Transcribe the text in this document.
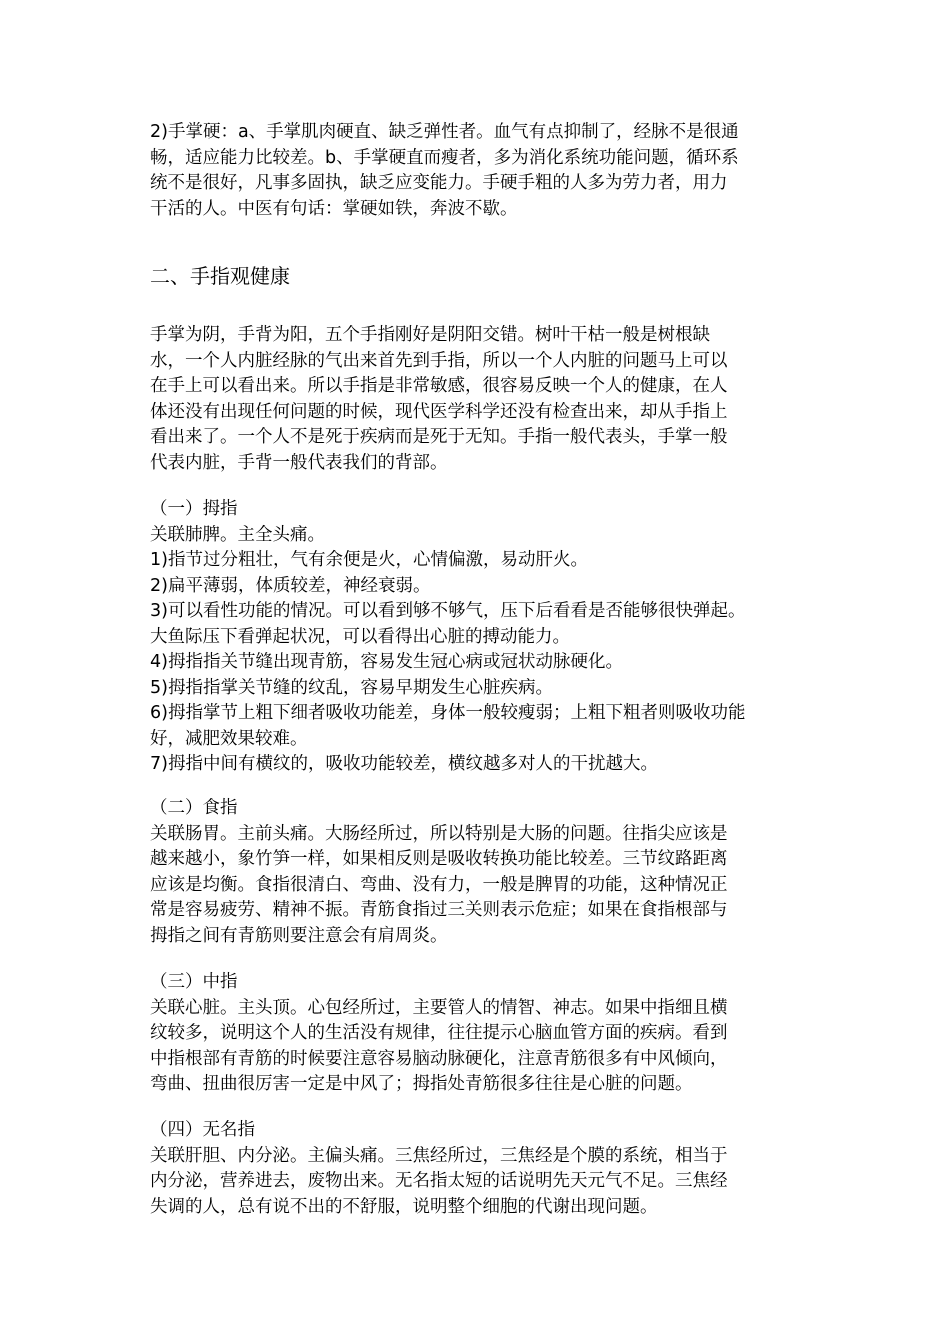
2)手掌硬：a、手掌肌肉硬直、缺乏弹性者。血气有点抑制了，经脉不是很通
畅，适应能力比较差。b、手掌硬直而瘦者，多为消化系统功能问题，循环系
统不是很好，凡事多固执，缺乏应变能力。手硬手粗的人多为劳力者，用力
干活的人。中医有句话：掌硬如铁，奔波不歇。
二、手指观健康
手掌为阴，手背为阳，五个手指刚好是阴阳交错。树叶干枯一般是树根缺
水，一个人内脏经脉的气出来首先到手指，所以一个人内脏的问题马上可以
在手上可以看出来。所以手指是非常敏感，很容易反映一个人的健康，在人
体还没有出现任何问题的时候，现代医学科学还没有检查出来，却从手指上
看出来了。一个人不是死于疾病而是死于无知。手指一般代表头，手掌一般
代表内脏，手背一般代表我们的背部。
（一）拇指
关联肺脾。主全头痛。
1)指节过分粗壮，气有余便是火，心情偏激，易动肝火。
2)扁平薄弱，体质较差，神经衰弱。
3)可以看性功能的情况。可以看到够不够气，压下后看看是否能够很快弹起。
大鱼际压下看弹起状况，可以看得出心脏的搏动能力。
4)拇指指关节缝出现青筋，容易发生冠心病或冠状动脉硬化。
5)拇指指掌关节缝的纹乱，容易早期发生心脏疾病。
6)拇指掌节上粗下细者吸收功能差，身体一般较瘦弱；上粗下粗者则吸收功能
好，减肥效果较难。
7)拇指中间有横纹的，吸收功能较差，横纹越多对人的干扰越大。
（二）食指
关联肠胃。主前头痛。大肠经所过，所以特别是大肠的问题。往指尖应该是
越来越小，象竹笋一样，如果相反则是吸收转换功能比较差。三节纹路距离
应该是均衡。食指很清白、弯曲、没有力，一般是脾胃的功能，这种情况正
常是容易疲劳、精神不振。青筋食指过三关则表示危症；如果在食指根部与
拇指之间有青筋则要注意会有肩周炎。
（三）中指
关联心脏。主头顶。心包经所过，主要管人的情智、神志。如果中指细且横
纹较多，说明这个人的生活没有规律，往往提示心脑血管方面的疾病。看到
中指根部有青筋的时候要注意容易脑动脉硬化，注意青筋很多有中风倾向，
弯曲、扭曲很厉害一定是中风了；拇指处青筋很多往往是心脏的问题。
（四）无名指
关联肝胆、内分泌。主偏头痛。三焦经所过，三焦经是个膜的系统，相当于
内分泌，营养进去，废物出来。无名指太短的话说明先天元气不足。三焦经
失调的人，总有说不出的不舒服，说明整个细胞的代谢出现问题。
